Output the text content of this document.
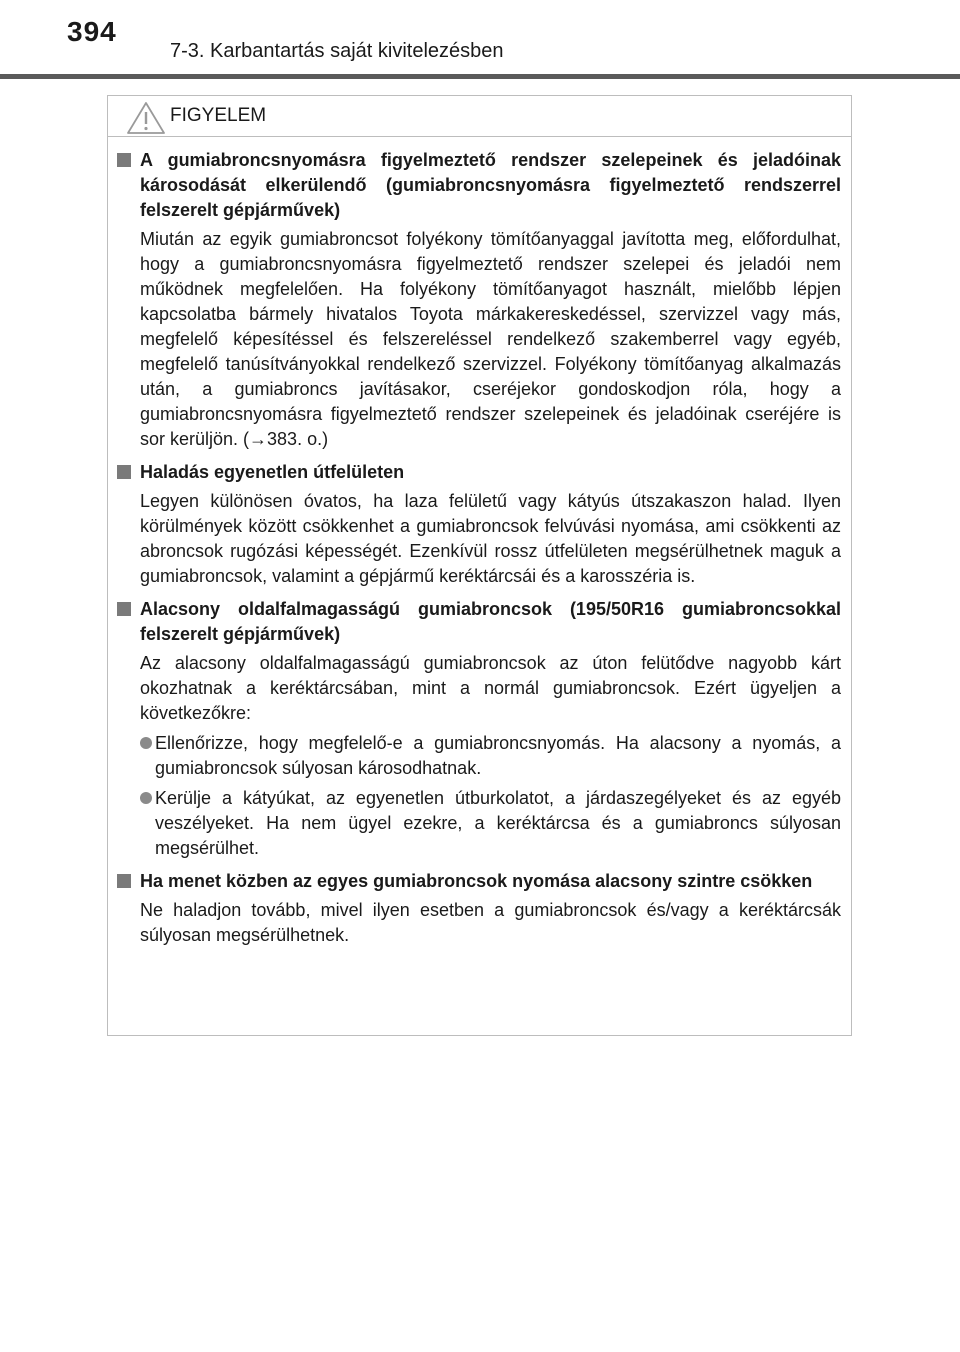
394
7-3. Karbantartás saját kivitelezésben
FIGYELEM
A gumiabroncsnyomásra figyelmeztető rendszer szelepeinek és jeladóinak károsodását elkerülendő (gumiabroncsnyomásra figyelmeztető rendszerrel felszerelt gépjárművek)
Miután az egyik gumiabroncsot folyékony tömítőanyaggal javította meg, előfordulhat, hogy a gumiabroncsnyomásra figyelmeztető rendszer szelepei és jeladói nem működnek megfelelően. Ha folyékony tömítőanyagot használt, mielőbb lépjen kapcsolatba bármely hivatalos Toyota márkakereskedéssel, szervizzel vagy más, megfelelő képesítéssel és felszereléssel rendelkező szakemberrel vagy egyéb, megfelelő tanúsítványokkal rendelkező szervizzel. Folyékony tömítőanyag alkalmazás után, a gumiabroncs javításakor, cseréjekor gondoskodjon róla, hogy a gumiabroncsnyomásra figyelmeztető rendszer szelepeinek és jeladóinak cseréjére is sor kerüljön. (→383. o.)
Haladás egyenetlen útfelületen
Legyen különösen óvatos, ha laza felületű vagy kátyús útszakaszon halad. Ilyen körülmények között csökkenhet a gumiabroncsok felvúvási nyomása, ami csökkenti az abroncsok rugózási képességét. Ezenkívül rossz útfelületen megsérülhetnek maguk a gumiabroncsok, valamint a gépjármű keréktárcsái és a karosszéria is.
Alacsony oldalfalmagasságú gumiabroncsok (195/50R16 gumiabroncsokkal felszerelt gépjárművek)
Az alacsony oldalfalmagasságú gumiabroncsok az úton felütődve nagyobb kárt okozhatnak a keréktárcsában, mint a normál gumiabroncsok. Ezért ügyeljen a következőkre:
Ellenőrizze, hogy megfelelő-e a gumiabroncsnyomás. Ha alacsony a nyomás, a gumiabroncsok súlyosan károsodhatnak.
Kerülje a kátyúkat, az egyenetlen útburkolatot, a járdaszegélyeket és az egyéb veszélyeket. Ha nem ügyel ezekre, a keréktárcsa és a gumiabroncs súlyosan megsérülhet.
Ha menet közben az egyes gumiabroncsok nyomása alacsony szintre csökken
Ne haladjon tovább, mivel ilyen esetben a gumiabroncsok és/vagy a keréktárcsák súlyosan megsérülhetnek.
